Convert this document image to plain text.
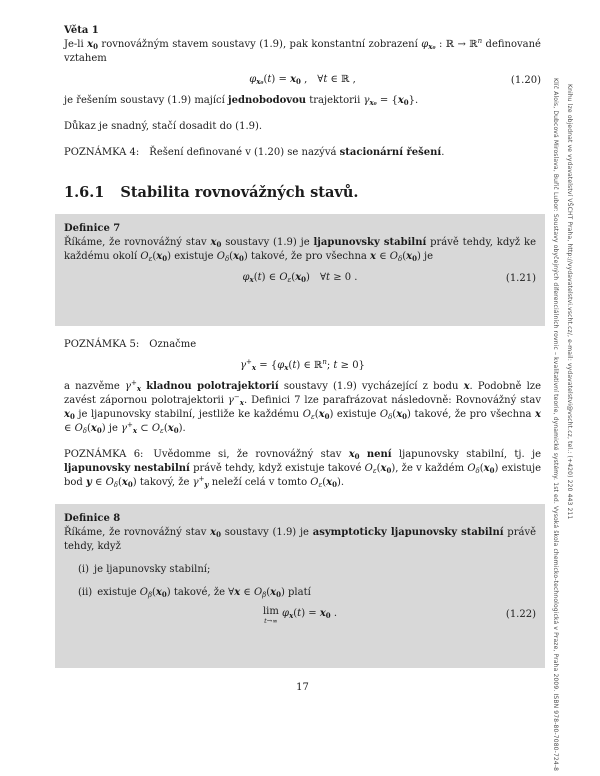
Věta 1

Je-li $x_0$ rovnovážným stavem soustavy (1.9), pak konstantní zobrazení $\varphi_{x_0}$ : ℝ → ℝ$^n$ definované vztahem

$\varphi_{x_0}(t) = x_0$ , ∀t ∈ ℝ ,	(1.20)

je řešením soustavy (1.9) mající jednobodovou trajektorii $\gamma_{x_0} = \{x_0\}$.

Důkaz je snadný, stačí dosadit do (1.9).

POZNÁMKA 4:  Řešení definované v (1.20) se nazývá stacionární řešení.

1.6.1 Stabilita rovnovážných stavů.
Definice 7

Říkáme, že rovnovážný stav $x_0$ soustavy (1.9) je ljapunovsky stabilní právě tehdy, když ke každému okolí $O_\varepsilon(x_0)$ existuje $O_\delta(x_0)$ takové, že pro všechna x ∈ $O_\delta(x_0)$ je

$\varphi_x(t)$ ∈ $O_\varepsilon(x_0)$ ∀t ≥ 0 .	(1.21)

POZNÁMKA 5:  Označme

$\gamma^+_x = \{\varphi_x(t)$ ∈ ℝ$^n$; t ≥ 0}

a nazvěme $\gamma^+_x$ kladnou polotrajektorií soustavy (1.9) vycházející z bodu x. Podobně lze zavést zápornou polotrajektorii $\gamma^-_x$. Definici 7 lze parafrázovat následovně: Rovnovážný stav $x_0$ je ljapunovsky stabilní, jestliže ke každému $O_\varepsilon(x_0)$ existuje $O_\delta(x_0)$ takové, že pro všechna x ∈ $O_\delta(x_0)$ je $\gamma^+_x$ ⊂ $O_\varepsilon(x_0)$.

POZNÁMKA 6:  Uvědomme si, že rovnovážný stav $x_0$ není ljapunovsky stabilní, tj. je ljapunovsky nestabilní právě tehdy, když existuje takové $O_\varepsilon(x_0)$, že v každém $O_\delta(x_0)$ existuje bod y ∈ $O_\delta(x_0)$ takový, že $\gamma^+_y$ neleží celá v tomto $O_\varepsilon(x_0)$.

Definice 8

Říkáme, že rovnovážný stav $x_0$ soustavy (1.9) je asymptoticky ljapunovsky stabilní právě tehdy, když

(i) je ljapunovsky stabilní;

(ii) existuje $O_\beta(x_0)$ takové, že ∀x ∈ $O_\beta(x_0)$ platí

lim
t→∞
$\varphi_x(t) = x_0$ .	(1.22)	Klíč Alois, Dubcová Miroslava, Buřič Lubor: Soustavy obyčejných diferenciálních rovnic – kvalitativní teorie, dynamické systémy. 1st ed. Vysoká škola chemicko-technologická v Praze, Praha 2009. ISBN 978-80-7080-724-8	Knihu lze objednat ve vydavatelství VŠCHT Praha, http://vydavatelstvi.vscht.cz/, e-mail: vydavatelstvi@vscht.cz, tel.: (+420) 220 443 211
17
